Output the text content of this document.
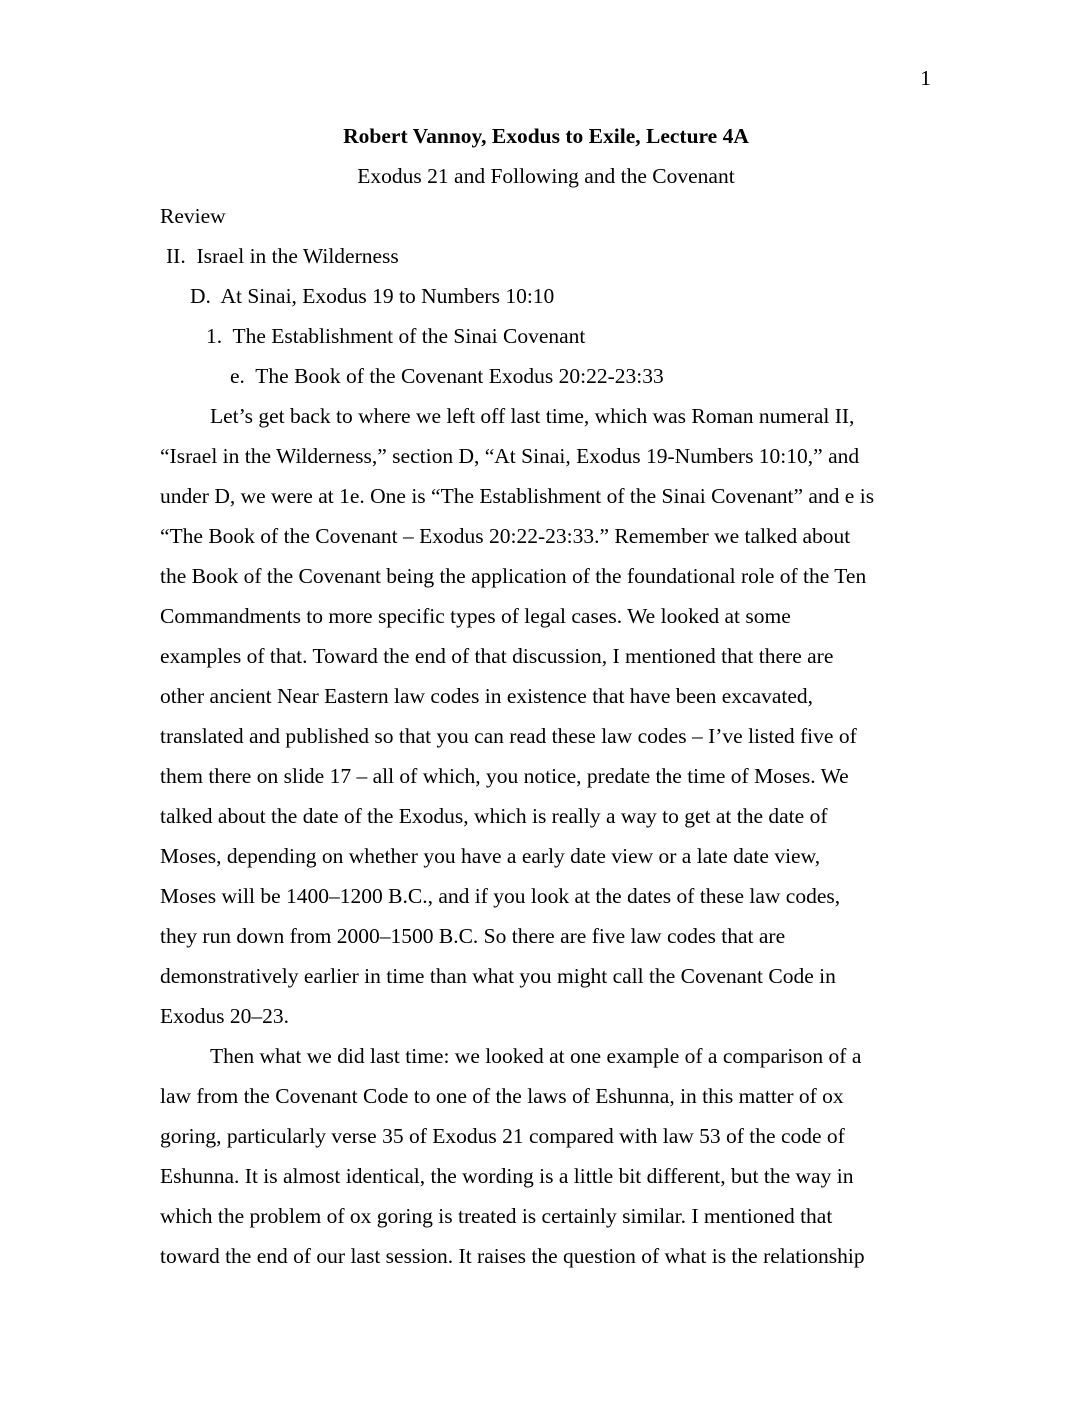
1
Robert Vannoy, Exodus to Exile, Lecture 4A
Exodus 21 and Following and the Covenant
Review
II.  Israel in the Wilderness
D.  At Sinai, Exodus 19 to Numbers 10:10
1.  The Establishment of the Sinai Covenant
e.  The Book of the Covenant Exodus 20:22-23:33
Let’s get back to where we left off last time, which was Roman numeral II,
“Israel in the Wilderness,” section D, “At Sinai, Exodus 19-Numbers 10:10,” and
under D, we were at 1e. One is “The Establishment of the Sinai Covenant” and e is
“The Book of the Covenant – Exodus 20:22-23:33.” Remember we talked about
the Book of the Covenant being the application of the foundational role of the Ten
Commandments to more specific types of legal cases. We looked at some
examples of that. Toward the end of that discussion, I mentioned that there are
other ancient Near Eastern law codes in existence that have been excavated,
translated and published so that you can read these law codes – I’ve listed five of
them there on slide 17 – all of which, you notice, predate the time of Moses. We
talked about the date of the Exodus, which is really a way to get at the date of
Moses, depending on whether you have a early date view or a late date view,
Moses will be 1400–1200 B.C., and if you look at the dates of these law codes,
they run down from 2000–1500 B.C. So there are five law codes that are
demonstratively earlier in time than what you might call the Covenant Code in
Exodus 20–23.
Then what we did last time: we looked at one example of a comparison of a
law from the Covenant Code to one of the laws of Eshunna, in this matter of ox
goring, particularly verse 35 of Exodus 21 compared with law 53 of the code of
Eshunna. It is almost identical, the wording is a little bit different, but the way in
which the problem of ox goring is treated is certainly similar. I mentioned that
toward the end of our last session. It raises the question of what is the relationship
